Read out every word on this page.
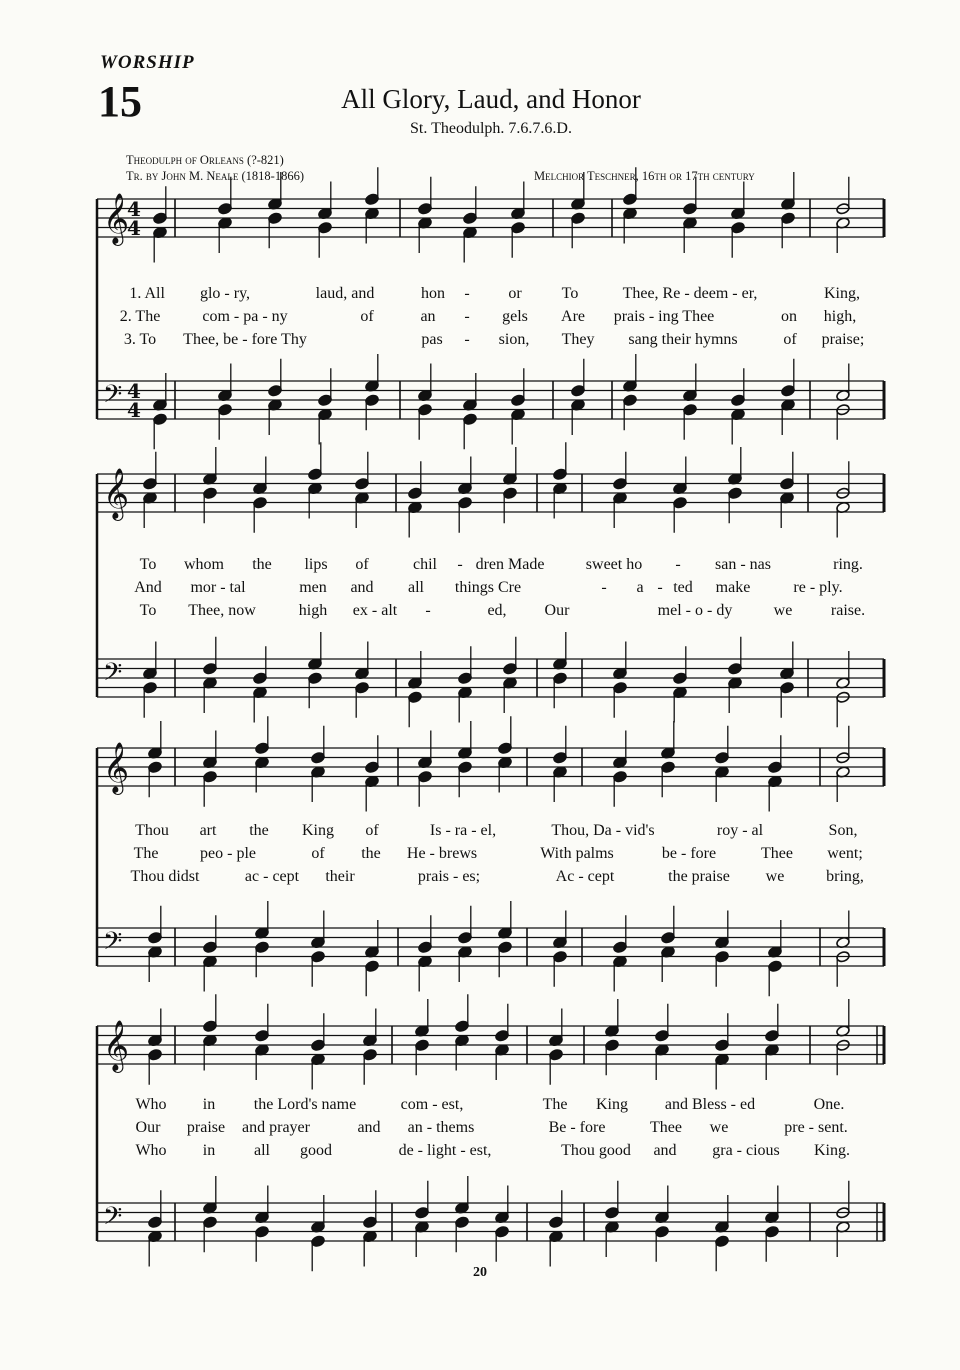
WORSHIP
15	All Glory, Laud, and Honor
St. Theodulph. 7.6.7.6.D.
Theodulph of Orleans (?-821)
Tr. by John M. Neale (1818-1866)	Melchior Teschner, 16th or 17th century
𝄞
4
4
𝄢 4
4
𝄞
𝄢
𝄞
𝄢
𝄞
𝄢
1. All glo - ry,	laud, and	hon - or	To	Thee, Re - deem - er,	King,
2. The	com - pa - ny	of	an - gels Are prais - ing Thee	on high,
3. To Thee, be - fore Thy	pas - sion, They sang their hymns	of praise;
To whom the lips of	chil - dren Made	sweet ho - san - nas	ring.
And mor - tal	men and all things Cre	- a - ted make	re - ply.
To Thee, now	high ex - alt -	ed, Our	mel - o - dy	we raise.
Thou art the King of	Is - ra - el,	Thou, Da - vid's	roy - al	Son,
The	peo - ple	of the He - brews	With palms	be - fore	Thee went;
Thou didst	ac - cept their	prais - es;	Ac - cept	the praise we	bring,
Who in the Lord's name	com - est,	The King and Bless - ed	One.
Our praise and prayer	and an - thems	Be - fore	Thee we	pre - sent.
Who in all good	de - light - est,	Thou good and gra - cious King.
20
